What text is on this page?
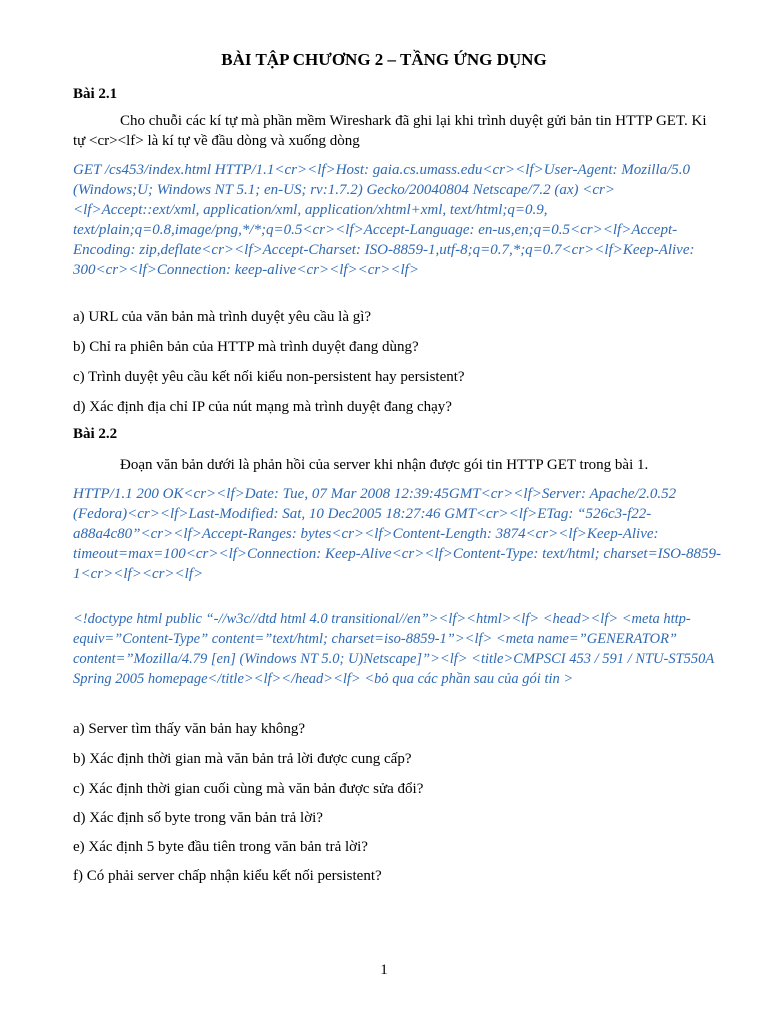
BÀI TẬP CHƯƠNG 2 – TẦNG ỨNG DỤNG
Bài 2.1
Cho chuỗi các kí tự mà phần mềm Wireshark đã ghi lại khi trình duyệt gửi bản tin HTTP GET. Ki tự <cr><lf> là kí tự về đầu dòng và xuống dòng
GET /cs453/index.html HTTP/1.1<cr><lf>Host: gaia.cs.umass.edu<cr><lf>User-Agent: Mozilla/5.0 (Windows;U; Windows NT 5.1; en-US; rv:1.7.2) Gecko/20040804 Netscape/7.2 (ax) <cr><lf>Accept::ext/xml, application/xml, application/xhtml+xml, text/html;q=0.9, text/plain;q=0.8,image/png,*/*;q=0.5<cr><lf>Accept-Language: en-us,en;q=0.5<cr><lf>Accept-Encoding: zip,deflate<cr><lf>Accept-Charset: ISO-8859-1,utf-8;q=0.7,*;q=0.7<cr><lf>Keep-Alive: 300<cr><lf>Connection: keep-alive<cr><lf><cr><lf>
a) URL của văn bản mà trình duyệt yêu cầu là gì?
b) Chỉ ra phiên bản của HTTP mà trình duyệt đang dùng?
c) Trình duyệt yêu cầu kết nối kiểu non-persistent hay persistent?
d) Xác định địa chỉ IP của nút mạng mà trình duyệt đang chạy?
Bài 2.2
Đoạn văn bản dưới là phản hồi của server khi nhận được gói tin HTTP GET trong bài 1.
HTTP/1.1 200 OK<cr><lf>Date: Tue, 07 Mar 2008 12:39:45GMT<cr><lf>Server: Apache/2.0.52 (Fedora)<cr><lf>Last-Modified: Sat, 10 Dec2005 18:27:46 GMT<cr><lf>ETag: “526c3-f22-a88a4c80”<cr><lf>Accept-Ranges: bytes<cr><lf>Content-Length: 3874<cr><lf>Keep-Alive: timeout=max=100<cr><lf>Connection: Keep-Alive<cr><lf>Content-Type: text/html; charset=ISO-8859-1<cr><lf><cr><lf>
<!doctype html public “-//w3c//dtd html 4.0 transitional//en”><lf><html><lf> <head><lf> <meta http-equiv=”Content-Type” content=”text/html; charset=iso-8859-1”><lf> <meta name=”GENERATOR” content=”Mozilla/4.79 [en] (Windows NT 5.0; U)Netscape]”><lf> <title>CMPSCI 453 / 591 / NTU-ST550A Spring 2005 homepage</title><lf></head><lf> <bỏ qua các phần sau của gói tin >
a) Server tìm thấy văn bản hay không?
b) Xác định thời gian mà văn bản trả lời được cung cấp?
c) Xác định thời gian cuối cùng mà văn bản được sửa đổi?
d) Xác định số byte trong văn bản trả lời?
e) Xác định 5 byte đầu tiên trong văn bản trả lời?
f) Có phải server chấp nhận kiểu kết nối persistent?
1
